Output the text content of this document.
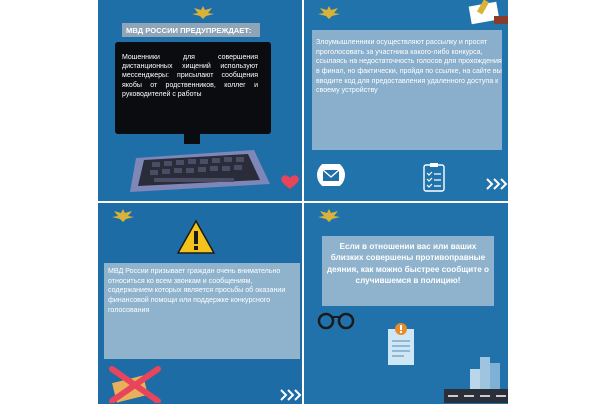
МВД РОССИИ ПРЕДУПРЕЖДАЕТ:
Мошенники для совершения дистанционных хищений используют мессенджеры: присылают сообщения якобы от родственников, коллег и руководителей с работы
Злоумышленники осуществляют рассылку и просят проголосовать за участника какого-либо конкурса, ссылаясь на недостаточность голосов для прохождения в финал, но фактически, пройдя по ссылке, на сайте вы вводите код для предоставления удаленного доступа к своему устройству
МВД России призывает граждан очень внимательно относиться ко всем звонкам и сообщениям, содержанием которых является просьбы об оказании финансовой помощи или поддержке конкурсного голосования
Если в отношении вас или ваших близких совершены противоправные деяния, как можно быстрее сообщите о случившемся в полицию!
